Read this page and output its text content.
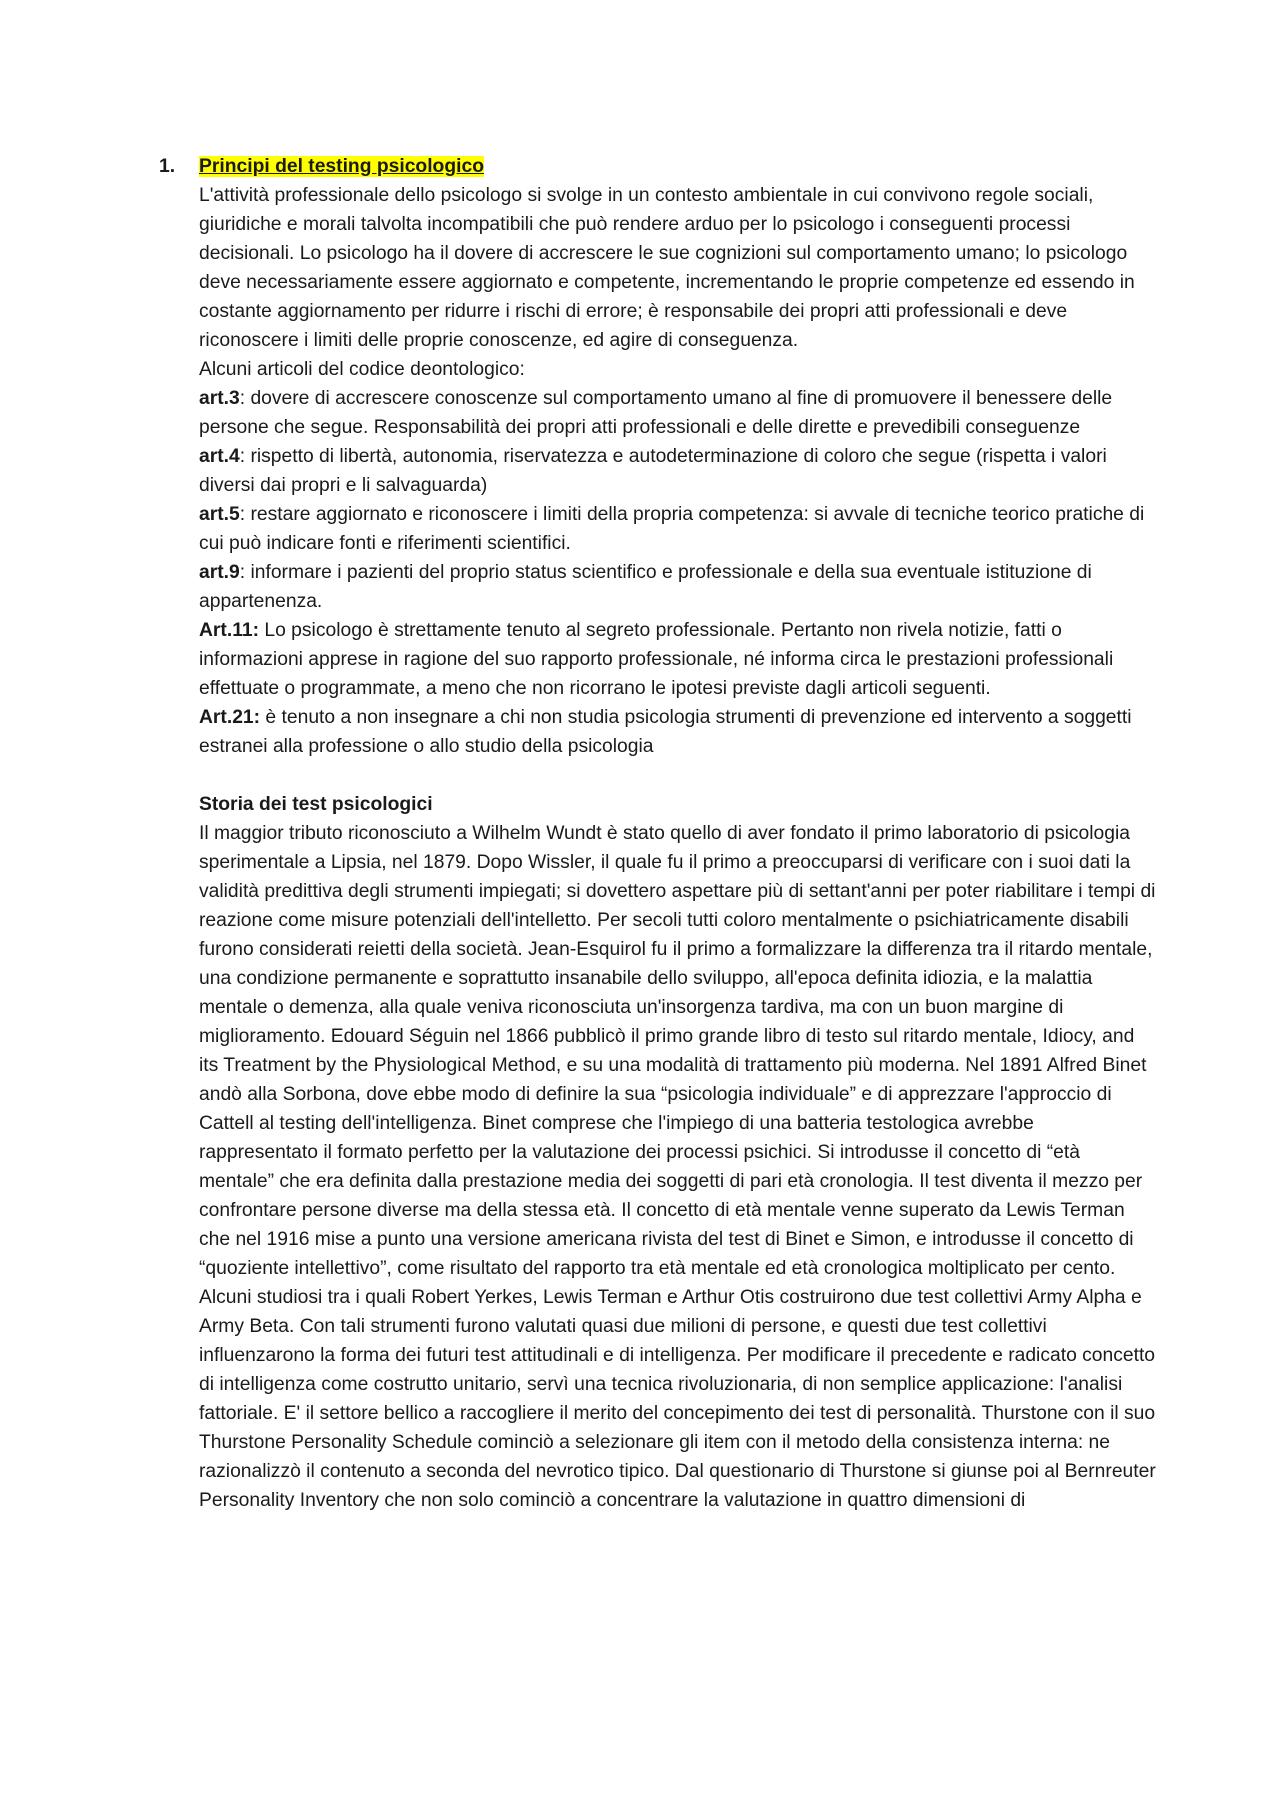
1. Principi del testing psicologico

L'attività professionale dello psicologo si svolge in un contesto ambientale in cui convivono regole sociali, giuridiche e morali talvolta incompatibili che può rendere arduo per lo psicologo i conseguenti processi decisionali. Lo psicologo ha il dovere di accrescere le sue cognizioni sul comportamento umano; lo psicologo deve necessariamente essere aggiornato e competente, incrementando le proprie competenze ed essendo in costante aggiornamento per ridurre i rischi di errore; è responsabile dei propri atti professionali e deve riconoscere i limiti delle proprie conoscenze, ed agire di conseguenza.

Alcuni articoli del codice deontologico:

art.3: dovere di accrescere conoscenze sul comportamento umano al fine di promuovere il benessere delle persone che segue. Responsabilità dei propri atti professionali e delle dirette e prevedibili conseguenze

art.4: rispetto di libertà, autonomia, riservatezza e autodeterminazione di coloro che segue (rispetta i valori diversi dai propri e li salvaguarda)

art.5: restare aggiornato e riconoscere i limiti della propria competenza: si avvale di tecniche teorico pratiche di cui può indicare fonti e riferimenti scientifici.

art.9: informare i pazienti del proprio status scientifico e professionale e della sua eventuale istituzione di appartenenza.

Art.11: Lo psicologo è strettamente tenuto al segreto professionale. Pertanto non rivela notizie, fatti o informazioni apprese in ragione del suo rapporto professionale, né informa circa le prestazioni professionali effettuate o programmate, a meno che non ricorrano le ipotesi previste dagli articoli seguenti.

Art.21: è tenuto a non insegnare a chi non studia psicologia strumenti di prevenzione ed intervento a soggetti estranei alla professione o allo studio della psicologia

Storia dei test psicologici

Il maggior tributo riconosciuto a Wilhelm Wundt è stato quello di aver fondato il primo laboratorio di psicologia sperimentale a Lipsia, nel 1879. Dopo Wissler, il quale fu il primo a preoccuparsi di verificare con i suoi dati la validità predittiva degli strumenti impiegati; si dovettero aspettare più di settant'anni per poter riabilitare i tempi di reazione come misure potenziali dell'intelletto. Per secoli tutti coloro mentalmente o psichiatricamente disabili furono considerati reietti della società. Jean-Esquirol fu il primo a formalizzare la differenza tra il ritardo mentale, una condizione permanente e soprattutto insanabile dello sviluppo, all'epoca definita idiozia, e la malattia mentale o demenza, alla quale veniva riconosciuta un'insorgenza tardiva, ma con un buon margine di miglioramento. Edouard Séguin nel 1866 pubblicò il primo grande libro di testo sul ritardo mentale, Idiocy, and its Treatment by the Physiological Method, e su una modalità di trattamento più moderna. Nel 1891 Alfred Binet andò alla Sorbona, dove ebbe modo di definire la sua “psicologia individuale” e di apprezzare l'approccio di Cattell al testing dell'intelligenza. Binet comprese che l'impiego di una batteria testologica avrebbe rappresentato il formato perfetto per la valutazione dei processi psichici. Si introdusse il concetto di “età mentale” che era definita dalla prestazione media dei soggetti di pari età cronologia. Il test diventa il mezzo per confrontare persone diverse ma della stessa età. Il concetto di età mentale venne superato da Lewis Terman che nel 1916 mise a punto una versione americana rivista del test di Binet e Simon, e introdusse il concetto di “quoziente intellettivo”, come risultato del rapporto tra età mentale ed età cronologica moltiplicato per cento. Alcuni studiosi tra i quali Robert Yerkes, Lewis Terman e Arthur Otis costruirono due test collettivi Army Alpha e Army Beta. Con tali strumenti furono valutati quasi due milioni di persone, e questi due test collettivi influenzarono la forma dei futuri test attitudinali e di intelligenza. Per modificare il precedente e radicato concetto di intelligenza come costrutto unitario, servì una tecnica rivoluzionaria, di non semplice applicazione: l'analisi fattoriale. E' il settore bellico a raccogliere il merito del concepimento dei test di personalità. Thurstone con il suo Thurstone Personality Schedule cominciò a selezionare gli item con il metodo della consistenza interna: ne razionalizzò il contenuto a seconda del nevrotico tipico. Dal questionario di Thurstone si giunse poi al Bernreuter Personality Inventory che non solo cominciò a concentrare la valutazione in quattro dimensioni di
